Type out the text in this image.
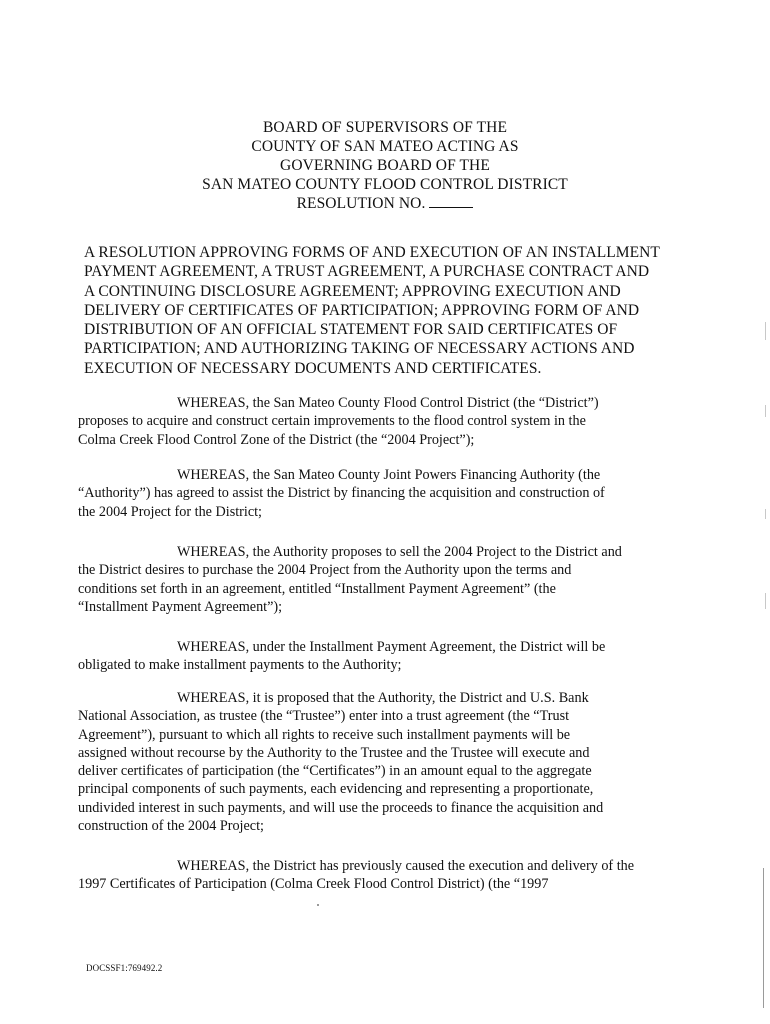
BOARD OF SUPERVISORS OF THE
COUNTY OF SAN MATEO ACTING AS
GOVERNING BOARD OF THE
SAN MATEO COUNTY FLOOD CONTROL DISTRICT
RESOLUTION NO.
A RESOLUTION APPROVING FORMS OF AND EXECUTION OF AN INSTALLMENT
PAYMENT AGREEMENT, A TRUST AGREEMENT, A PURCHASE CONTRACT AND
A CONTINUING DISCLOSURE AGREEMENT; APPROVING EXECUTION AND
DELIVERY OF CERTIFICATES OF PARTICIPATION; APPROVING FORM OF AND
DISTRIBUTION OF AN OFFICIAL STATEMENT FOR SAID CERTIFICATES OF
PARTICIPATION; AND AUTHORIZING TAKING OF NECESSARY ACTIONS AND
EXECUTION OF NECESSARY DOCUMENTS AND CERTIFICATES.
WHEREAS, the San Mateo County Flood Control District (the “District”)
proposes to acquire and construct certain improvements to the flood control system in the
Colma Creek Flood Control Zone of the District (the “2004 Project”);
WHEREAS, the San Mateo County Joint Powers Financing Authority (the
“Authority”) has agreed to assist the District by financing the acquisition and construction of
the 2004 Project for the District;
WHEREAS, the Authority proposes to sell the 2004 Project to the District and
the District desires to purchase the 2004 Project from the Authority upon the terms and
conditions set forth in an agreement, entitled “Installment Payment Agreement” (the
“Installment Payment Agreement”);
WHEREAS, under the Installment Payment Agreement, the District will be
obligated to make installment payments to the Authority;
WHEREAS, it is proposed that the Authority, the District and U.S. Bank
National Association, as trustee (the “Trustee”) enter into a trust agreement (the “Trust
Agreement”), pursuant to which all rights to receive such installment payments will be
assigned without recourse by the Authority to the Trustee and the Trustee will execute and
deliver certificates of participation (the “Certificates”) in an amount equal to the aggregate
principal components of such payments, each evidencing and representing a proportionate,
undivided interest in such payments, and will use the proceeds to finance the acquisition and
construction of the 2004 Project;
WHEREAS, the District has previously caused the execution and delivery of the
1997 Certificates of Participation (Colma Creek Flood Control District) (the “1997
DOCSSF1:769492.2
